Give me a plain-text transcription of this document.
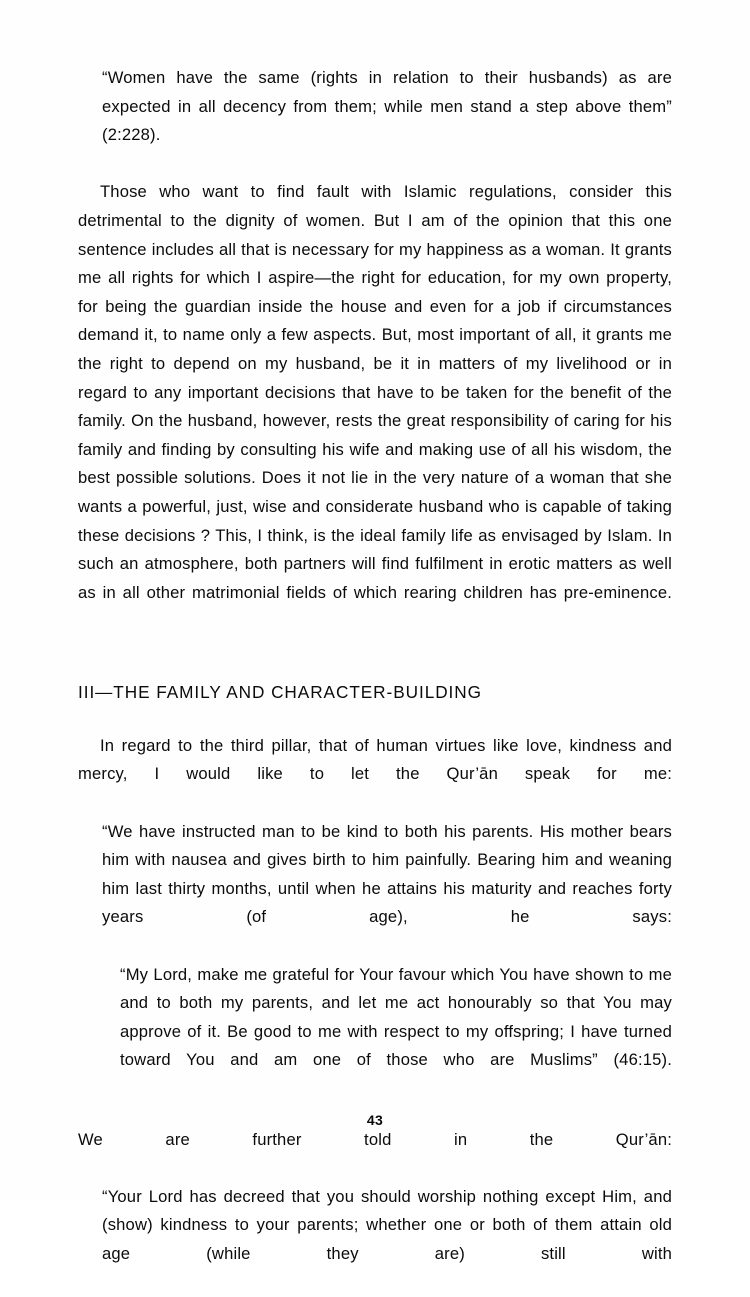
“Women have the same (rights in relation to their husbands) as are expected in all decency from them; while men stand a step above them” (2:228).

Those who want to find fault with Islamic regulations, consider this detrimental to the dignity of women. But I am of the opinion that this one sentence includes all that is necessary for my happiness as a woman. It grants me all rights for which I aspire—the right for education, for my own property, for being the guardian inside the house and even for a job if circumstances demand it, to name only a few aspects. But, most important of all, it grants me the right to depend on my husband, be it in matters of my livelihood or in regard to any important decisions that have to be taken for the benefit of the family. On the husband, however, rests the great responsibility of caring for his family and finding by consulting his wife and making use of all his wisdom, the best possible solutions. Does it not lie in the very nature of a woman that she wants a powerful, just, wise and considerate husband who is capable of taking these decisions ? This, I think, is the ideal family life as envisaged by Islam. In such an atmosphere, both partners will find fulfilment in erotic matters as well as in all other matrimonial fields of which rearing children has pre-eminence.

III—THE FAMILY AND CHARACTER-BUILDING

In regard to the third pillar, that of human virtues like love, kindness and mercy, I would like to let the Qur’ān speak for me:

“We have instructed man to be kind to both his parents. His mother bears him with nausea and gives birth to him painfully. Bearing him and weaning him last thirty months, until when he attains his maturity and reaches forty years (of age), he says:

“My Lord, make me grateful for Your favour which You have shown to me and to both my parents, and let me act honourably so that You may approve of it. Be good to me with respect to my offspring; I have turned toward You and am one of those who are Muslims” (46:15).

We are further told in the Qur’ān:

“Your Lord has decreed that you should worship nothing except Him, and (show) kindness to your parents; whether one or both of them attain old age (while they are) still with

43
